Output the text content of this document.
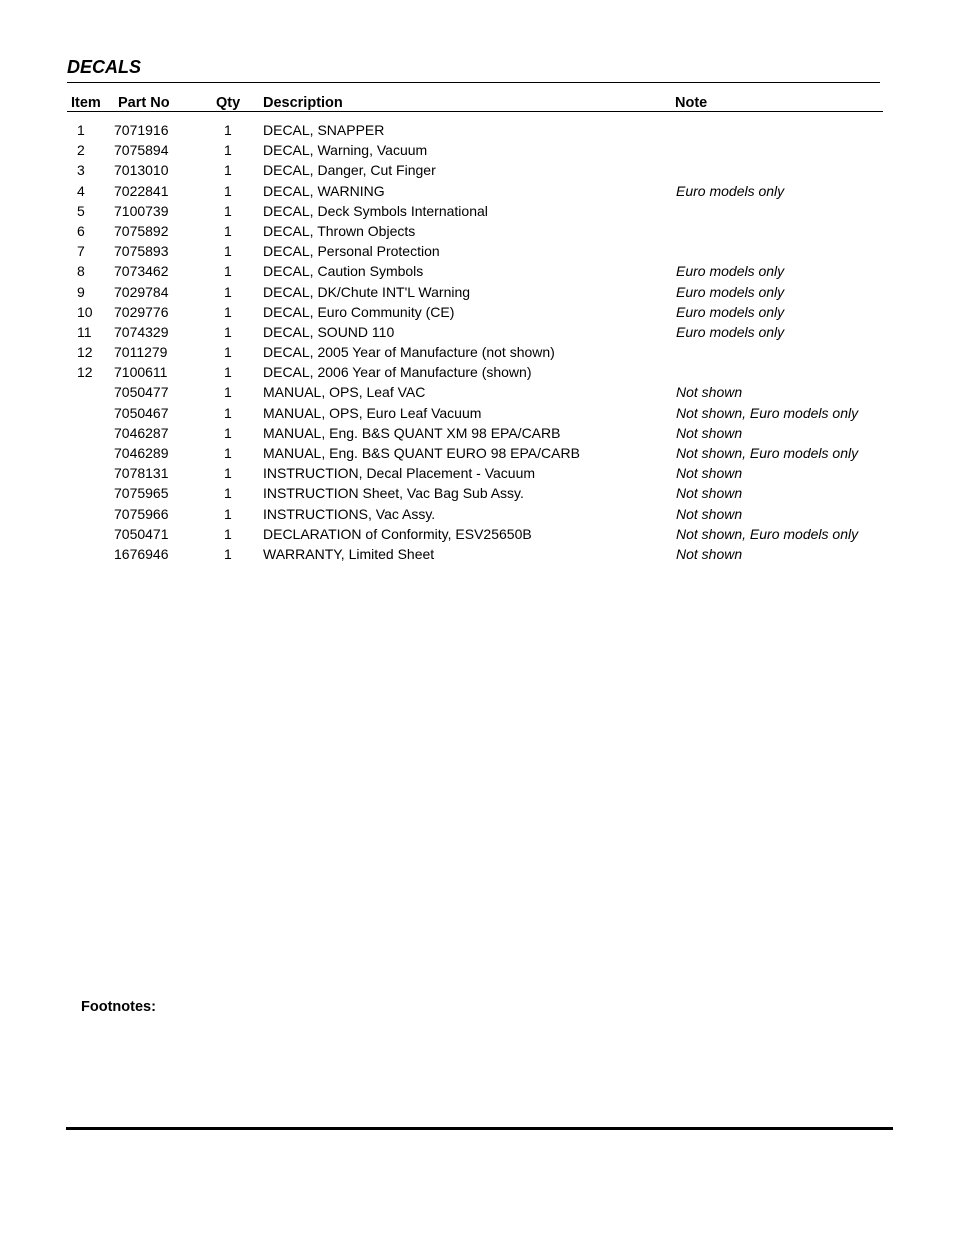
DECALS
Item Part No	Qty Description	Note
1 7071916	1 DECAL, SNAPPER
2 7075894	1 DECAL, Warning, Vacuum
3 7013010	1 DECAL, Danger, Cut Finger
4 7022841	1 DECAL, WARNING	Euro models only
5 7100739	1 DECAL, Deck Symbols International
6 7075892	1 DECAL, Thrown Objects
7 7075893	1 DECAL, Personal Protection
8 7073462	1 DECAL, Caution Symbols	Euro models only
9 7029784	1 DECAL, DK/Chute INT'L Warning	Euro models only
10 7029776	1 DECAL, Euro Community (CE)	Euro models only
11 7074329	1 DECAL, SOUND 110	Euro models only
12 7011279	1 DECAL, 2005 Year of Manufacture (not shown)
12 7100611	1 DECAL, 2006 Year of Manufacture (shown)
7050477	1 MANUAL, OPS, Leaf VAC	Not shown
7050467	1 MANUAL, OPS, Euro Leaf Vacuum	Not shown, Euro models only
7046287	1 MANUAL, Eng. B&S QUANT XM 98 EPA/CARB	Not shown
7046289	1 MANUAL, Eng. B&S QUANT EURO 98 EPA/CARB	Not shown, Euro models only
7078131	1 INSTRUCTION, Decal Placement - Vacuum	Not shown
7075965	1 INSTRUCTION Sheet, Vac Bag Sub Assy.	Not shown
7075966	1 INSTRUCTIONS, Vac Assy.	Not shown
7050471	1 DECLARATION of Conformity, ESV25650B	Not shown, Euro models only
1676946	1 WARRANTY, Limited Sheet	Not shown
Footnotes:
